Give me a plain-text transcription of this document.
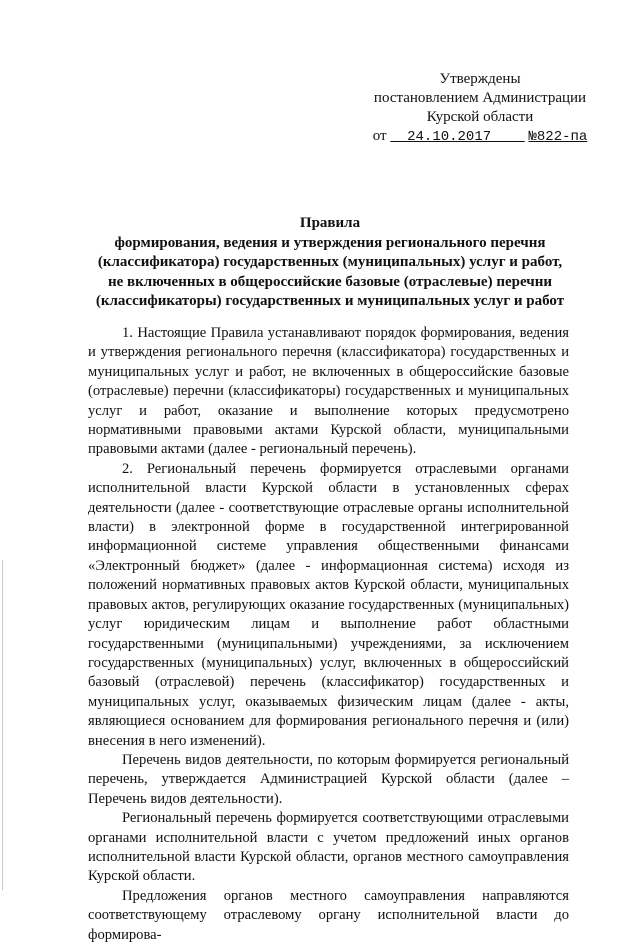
Утверждены
постановлением Администрации
Курской области
от 24.10.2017	№822-па
Правила
формирования, ведения и утверждения регионального перечня
(классификатора) государственных (муниципальных) услуг и работ,
не включенных в общероссийские базовые (отраслевые) перечни
(классификаторы) государственных и муниципальных услуг и работ

1. Настоящие Правила устанавливают порядок формирования, ведения и утверждения регионального перечня (классификатора) государственных и муниципальных услуг и работ, не включенных в общероссийские базовые (отраслевые) перечни (классификаторы) государственных и муниципальных услуг и работ, оказание и выполнение которых предусмотрено нормативными правовыми актами Курской области, муниципальными правовыми актами (далее - региональный перечень).

2. Региональный перечень формируется отраслевыми органами исполнительной власти Курской области в установленных сферах деятельности (далее - соответствующие отраслевые органы исполнительной власти) в электронной форме в государственной интегрированной информационной системе управления общественными финансами «Электронный бюджет» (далее - информационная система) исходя из положений нормативных правовых актов Курской области, муниципальных правовых актов, регулирующих оказание государственных (муниципальных) услуг юридическим лицам и выполнение работ областными государственными (муниципальными) учреждениями, за исключением государственных (муниципальных) услуг, включенных в общероссийский базовый (отраслевой) перечень (классификатор) государственных и муниципальных услуг, оказываемых физическим лицам (далее - акты, являющиеся основанием для формирования регионального перечня и (или) внесения в него изменений).

Перечень видов деятельности, по которым формируется региональный перечень, утверждается Администрацией Курской области (далее – Перечень видов деятельности).

Региональный перечень формируется соответствующими отраслевыми органами исполнительной власти с учетом предложений иных органов исполнительной власти Курской области, органов местного самоуправления Курской области.

Предложения органов местного самоуправления направляются соответствующему отраслевому органу исполнительной власти до формирова-
